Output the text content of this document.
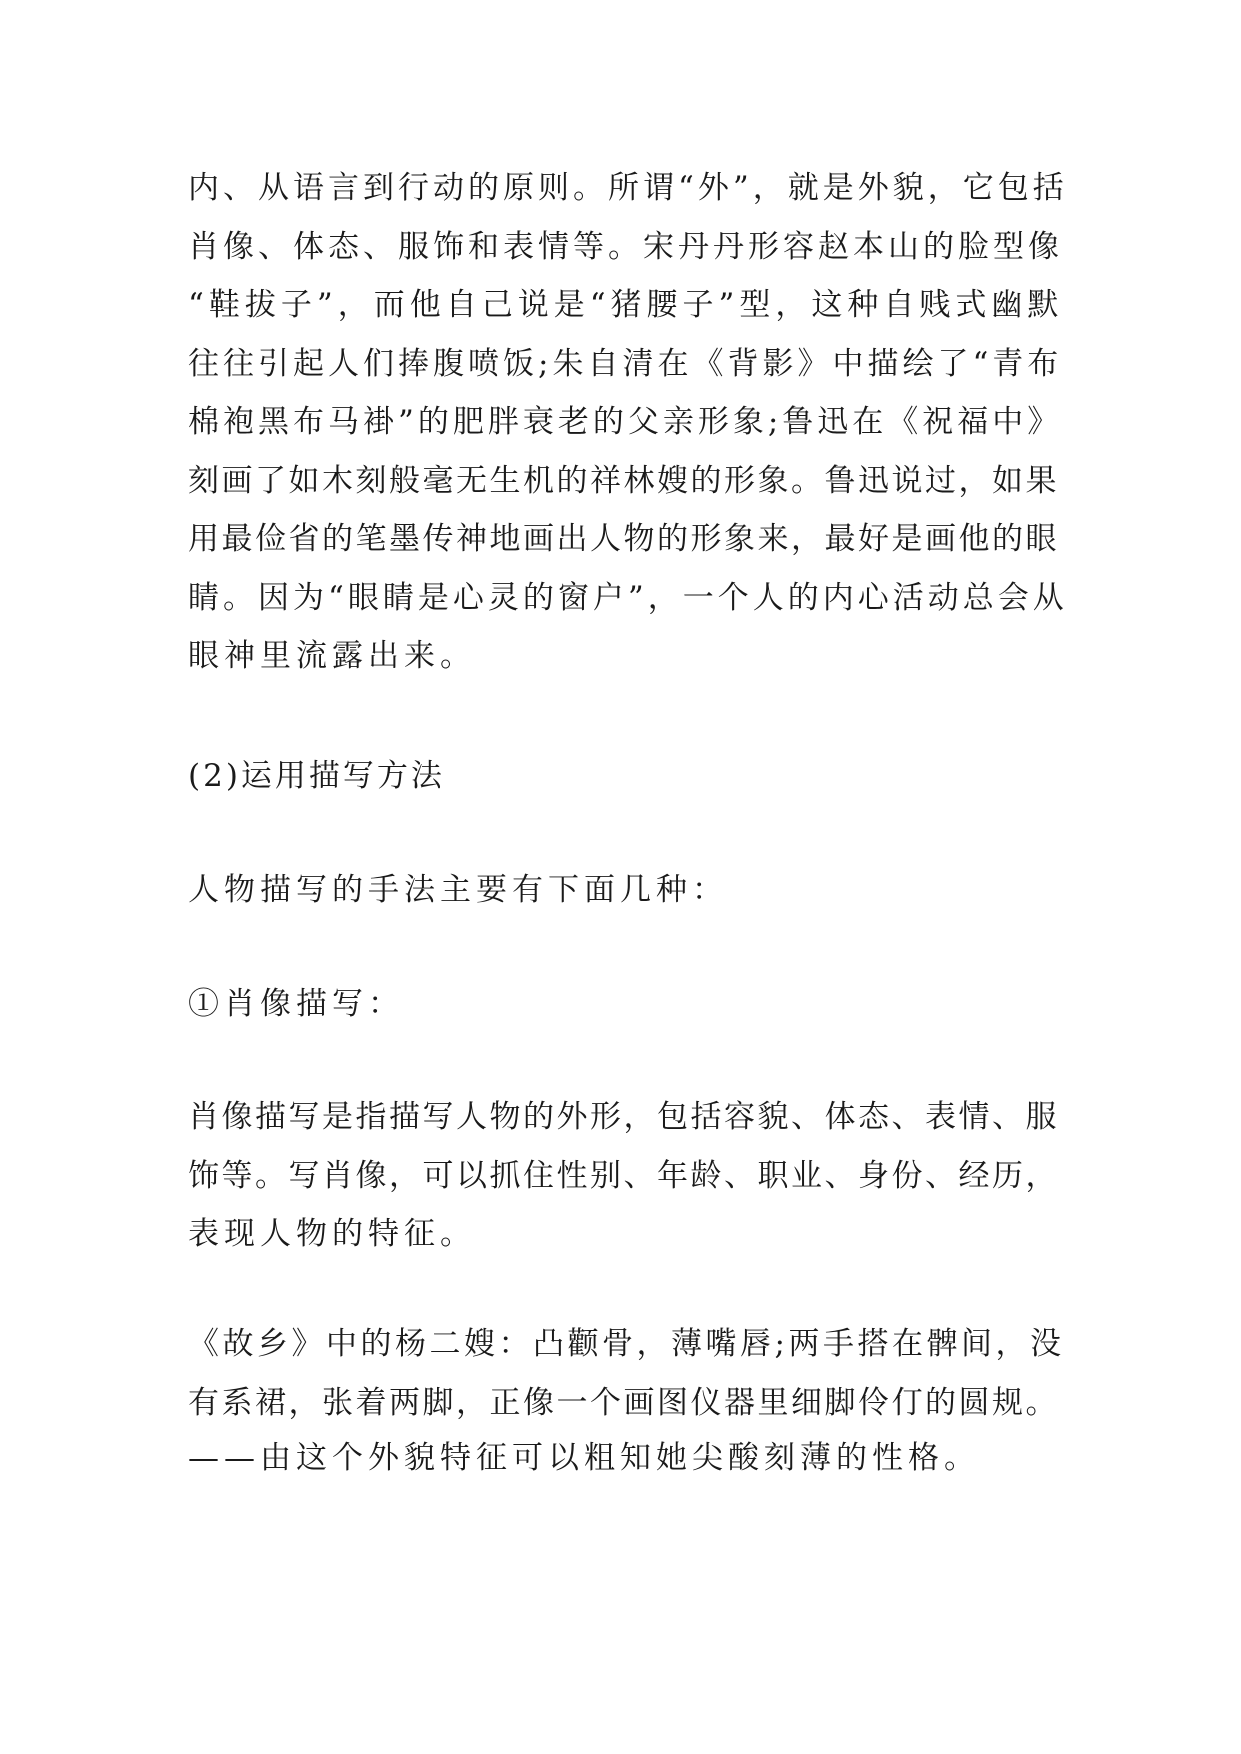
内、从语言到行动的原则。所谓“外”，就是外貌，它包括
肖像、体态、服饰和表情等。宋丹丹形容赵本山的脸型像
“鞋拔子”，而他自己说是“猪腰子”型，这种自贱式幽默
往往引起人们捧腹喷饭;朱自清在《背影》中描绘了“青布
棉袍黑布马褂”的肥胖衰老的父亲形象;鲁迅在《祝福中》
刻画了如木刻般毫无生机的祥林嫂的形象。鲁迅说过，如果
用最俭省的笔墨传神地画出人物的形象来，最好是画他的眼
睛。因为“眼睛是心灵的窗户”，一个人的内心活动总会从
眼神里流露出来。
(2)运用描写方法
人物描写的手法主要有下面几种：
①肖像描写：
肖像描写是指描写人物的外形，包括容貌、体态、表情、服
饰等。写肖像，可以抓住性别、年龄、职业、身份、经历，
表现人物的特征。
《故乡》中的杨二嫂：凸颧骨，薄嘴唇;两手搭在髀间，没
有系裙，张着两脚，正像一个画图仪器里细脚伶仃的圆规。
——由这个外貌特征可以粗知她尖酸刻薄的性格。
